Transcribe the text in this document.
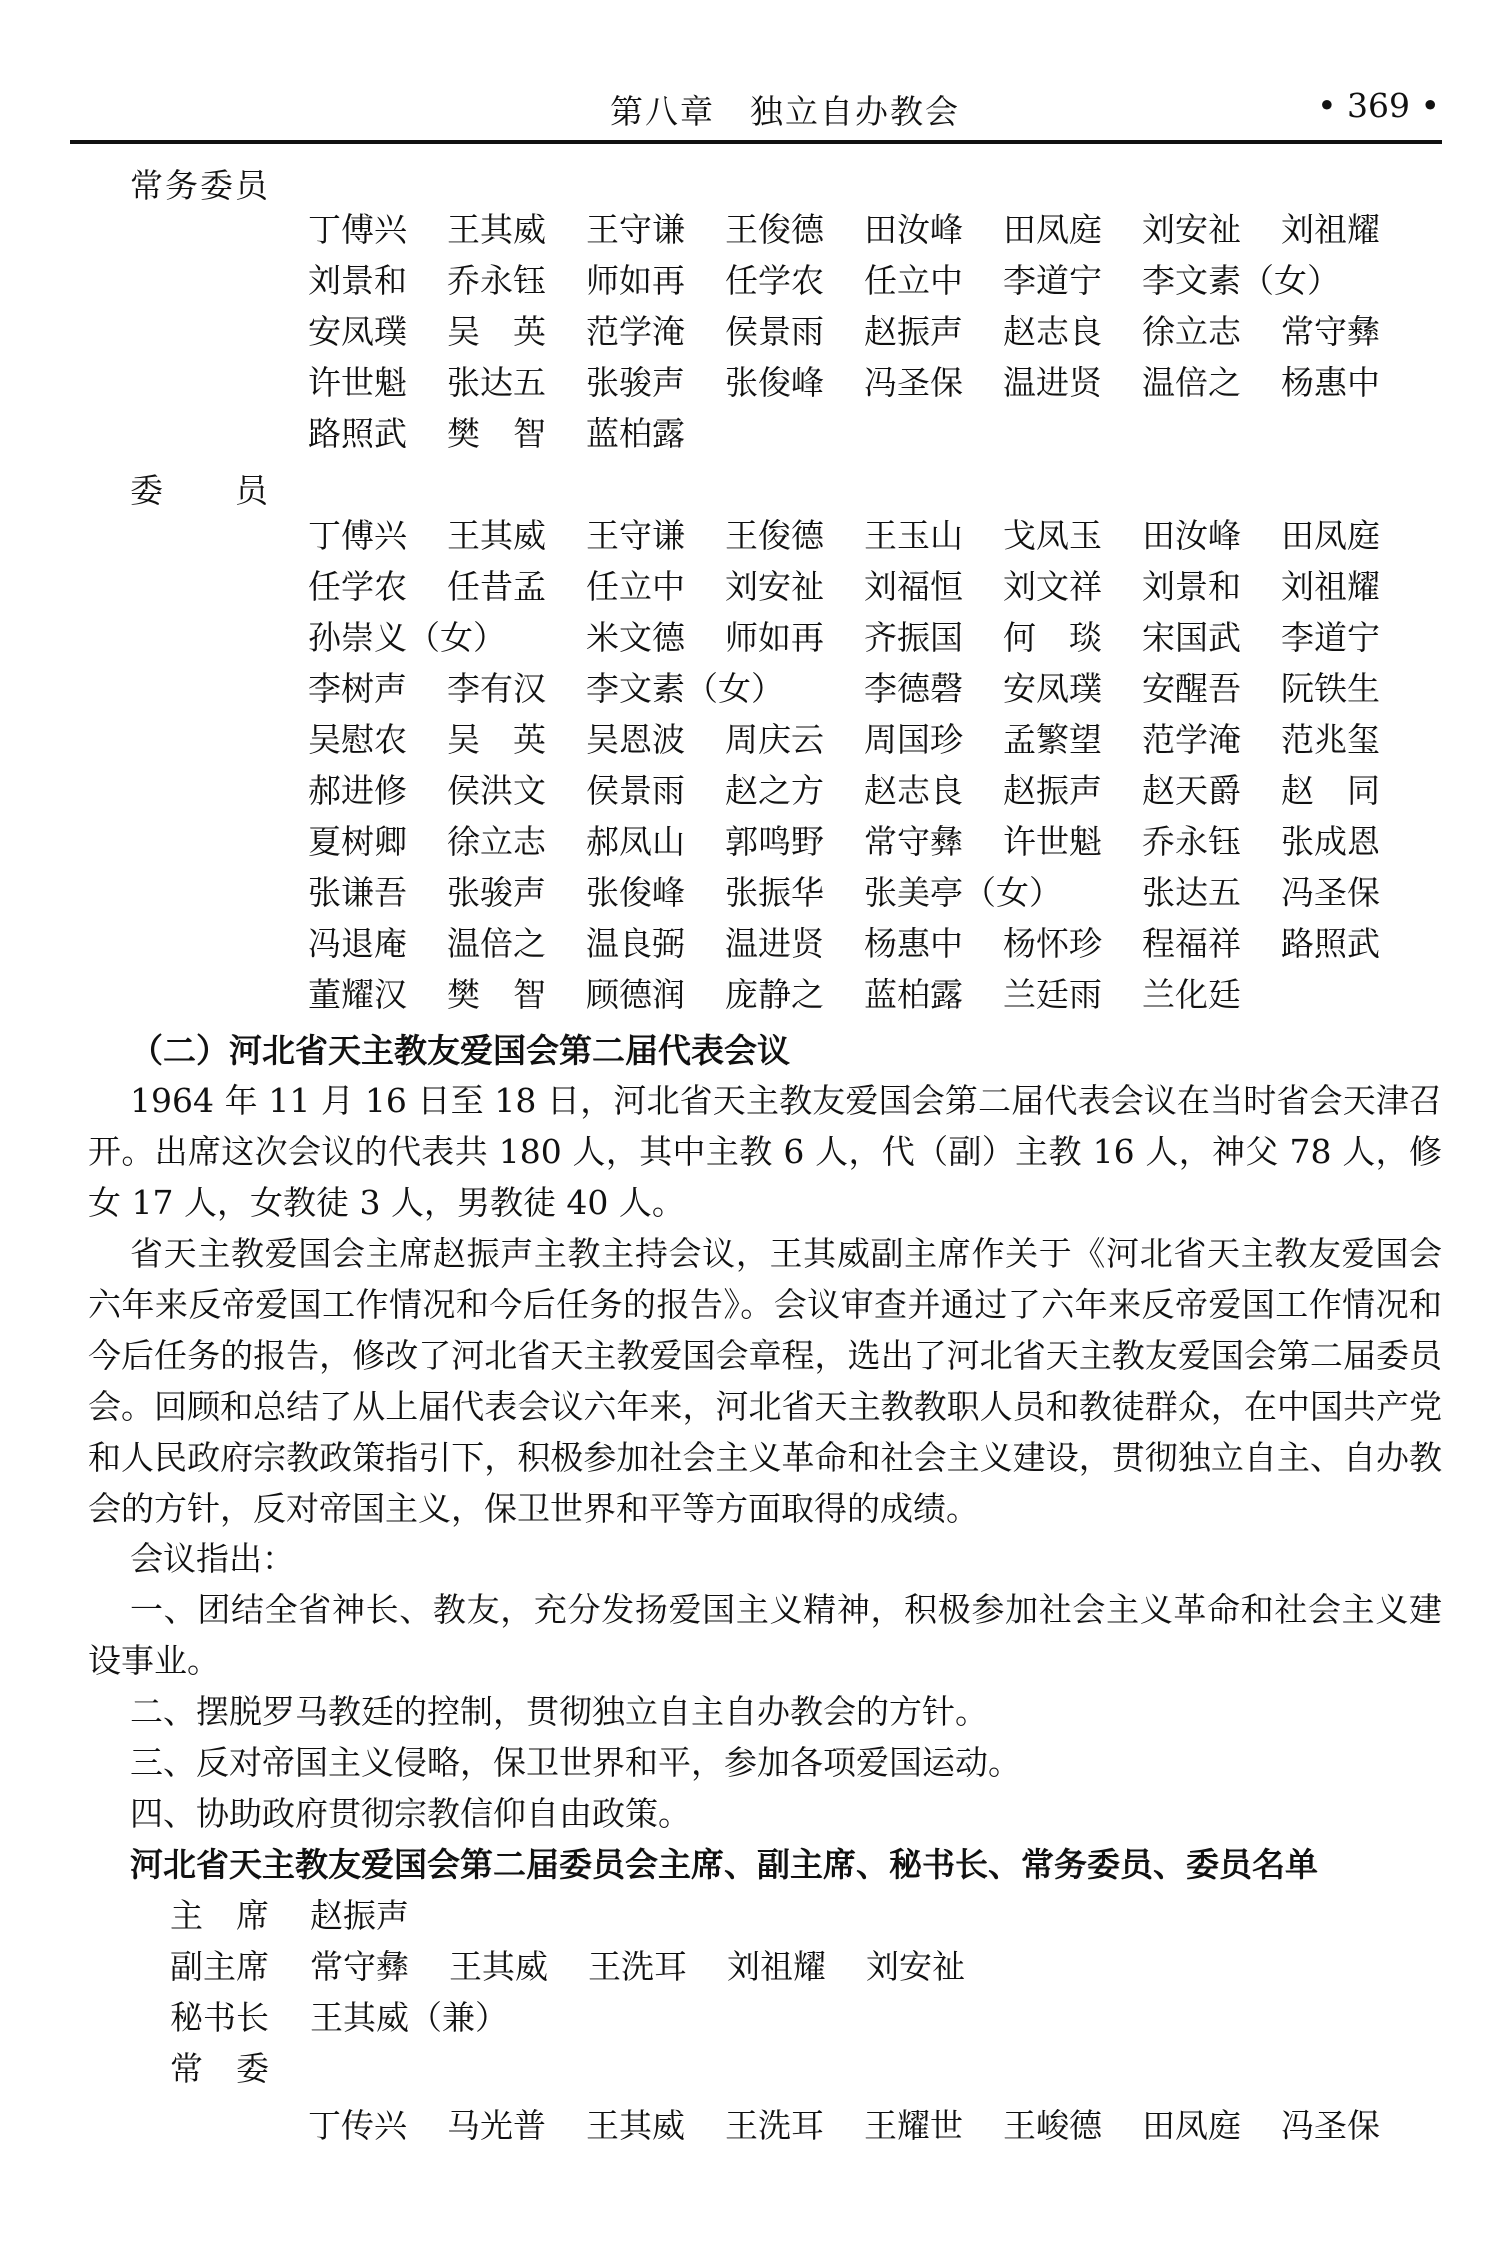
第八章　独立自办教会	• 369 •
常务委员
丁傅兴	王其威	王守谦	王俊德	田汝峰	田凤庭	刘安祉	刘祖耀
刘景和	乔永钰	师如再	任学农	任立中	李道宁	李文素（女）
安凤璞	吴　英	范学淹	侯景雨	赵振声	赵志良	徐立志	常守彝
许世魁	张达五	张骏声	张俊峰	冯圣保	温进贤	温倍之	杨惠中
路照武	樊　智	蓝柏露
委　　员
丁傅兴	王其威	王守谦	王俊德	王玉山	戈凤玉	田汝峰	田凤庭
任学农	任昔孟	任立中	刘安祉	刘福恒	刘文祥	刘景和	刘祖耀
孙崇义（女） 米文德	师如再	齐振国	何　琰	宋国武	李道宁
李树声	李有汉	李文素（女） 李德磬	安凤璞	安醒吾	阮铁生
吴慰农	吴　英	吴恩波	周庆云	周国珍	孟繁望	范学淹	范兆玺
郝进修	侯洪文	侯景雨	赵之方	赵志良	赵振声	赵天爵	赵　同
夏树卿	徐立志	郝凤山	郭鸣野	常守彝	许世魁	乔永钰	张成恩
张谦吾	张骏声	张俊峰	张振华	张美亭（女） 张达五	冯圣保
冯退庵	温倍之	温良弼	温进贤	杨惠中	杨怀珍	程福祥	路照武
董耀汉	樊　智	顾德润	庞静之	蓝柏露	兰廷雨	兰化廷
（二）河北省天主教友爱国会第二届代表会议
1964 年 11 月 16 日至 18 日，河北省天主教友爱国会第二届代表会议在当时省会天津召开。出席这次会议的代表共 180 人，其中主教 6 人，代（副）主教 16 人，神父 78 人，修女 17 人，女教徒 3 人，男教徒 40 人。
省天主教爱国会主席赵振声主教主持会议，王其威副主席作关于《河北省天主教友爱国会六年来反帝爱国工作情况和今后任务的报告》。会议审查并通过了六年来反帝爱国工作情况和今后任务的报告，修改了河北省天主教爱国会章程，选出了河北省天主教友爱国会第二届委员会。回顾和总结了从上届代表会议六年来，河北省天主教教职人员和教徒群众，在中国共产党和人民政府宗教政策指引下，积极参加社会主义革命和社会主义建设，贯彻独立自主、自办教会的方针，反对帝国主义，保卫世界和平等方面取得的成绩。
会议指出：
一、团结全省神长、教友，充分发扬爱国主义精神，积极参加社会主义革命和社会主义建设事业。
二、摆脱罗马教廷的控制，贯彻独立自主自办教会的方针。
三、反对帝国主义侵略，保卫世界和平，参加各项爱国运动。
四、协助政府贯彻宗教信仰自由政策。
河北省天主教友爱国会第二届委员会主席、副主席、秘书长、常务委员、委员名单
主　席 赵振声
副主席 常守彝	王其威	王洗耳	刘祖耀	刘安祉
秘书长 王其威（兼）
常　委
丁传兴	马光普	王其威	王洗耳	王耀世	王峻德	田凤庭	冯圣保
